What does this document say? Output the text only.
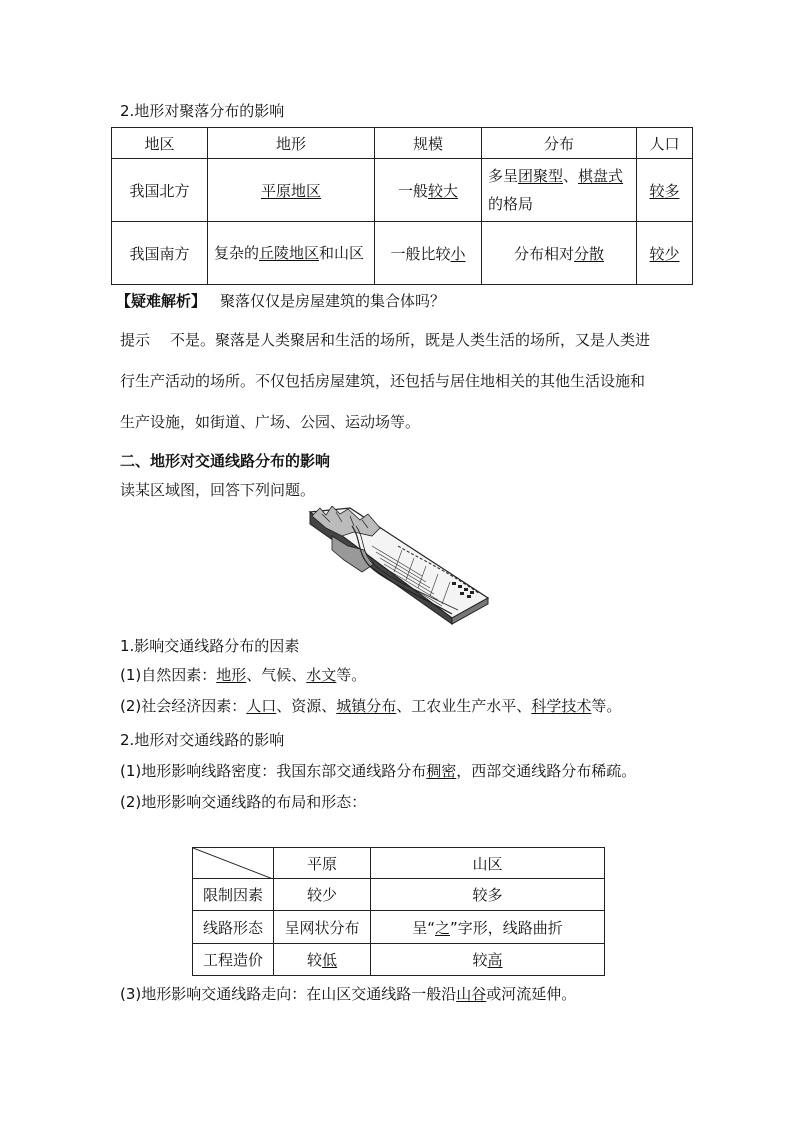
2.地形对聚落分布的影响
地区	地形	规模	分布	人口
我国北方	平原地区	一般较大	多呈团聚型、棋盘式的格局	较多
我国南方	复杂的丘陵地区和山区	一般比较小	分布相对分散	较少
【疑难解析】 聚落仅仅是房屋建筑的集合体吗？
提示 不是。聚落是人类聚居和生活的场所，既是人类生活的场所，又是人类进
行生产活动的场所。不仅包括房屋建筑，还包括与居住地相关的其他生活设施和
生产设施，如街道、广场、公园、运动场等。
二、地形对交通线路分布的影响
读某区域图，回答下列问题。
1.影响交通线路分布的因素
(1)自然因素：地形、气候、水文等。
(2)社会经济因素：人口、资源、城镇分布、工农业生产水平、科学技术等。
2.地形对交通线路的影响
(1)地形影响线路密度：我国东部交通线路分布稠密，西部交通线路分布稀疏。
(2)地形影响交通线路的布局和形态：
	平原	山区
限制因素	较少	较多
线路形态	呈网状分布	呈“之”字形，线路曲折
工程造价	较低	较高
(3)地形影响交通线路走向：在山区交通线路一般沿山谷或河流延伸。
